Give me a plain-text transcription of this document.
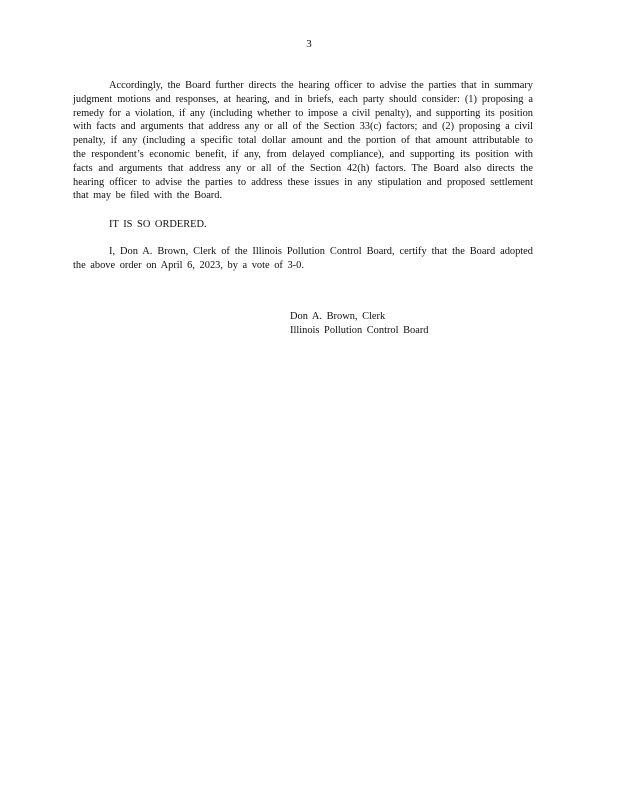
3

Accordingly, the Board further directs the hearing officer to advise the parties that in summary judgment motions and responses, at hearing, and in briefs, each party should consider: (1) proposing a remedy for a violation, if any (including whether to impose a civil penalty), and supporting its position with facts and arguments that address any or all of the Section 33(c) factors; and (2) proposing a civil penalty, if any (including a specific total dollar amount and the portion of that amount attributable to the respondent’s economic benefit, if any, from delayed compliance), and supporting its position with facts and arguments that address any or all of the Section 42(h) factors. The Board also directs the hearing officer to advise the parties to address these issues in any stipulation and proposed settlement that may be filed with the Board.

IT IS SO ORDERED.

I, Don A. Brown, Clerk of the Illinois Pollution Control Board, certify that the Board adopted the above order on April 6, 2023, by a vote of 3-0.

Don A. Brown, Clerk
Illinois Pollution Control Board
